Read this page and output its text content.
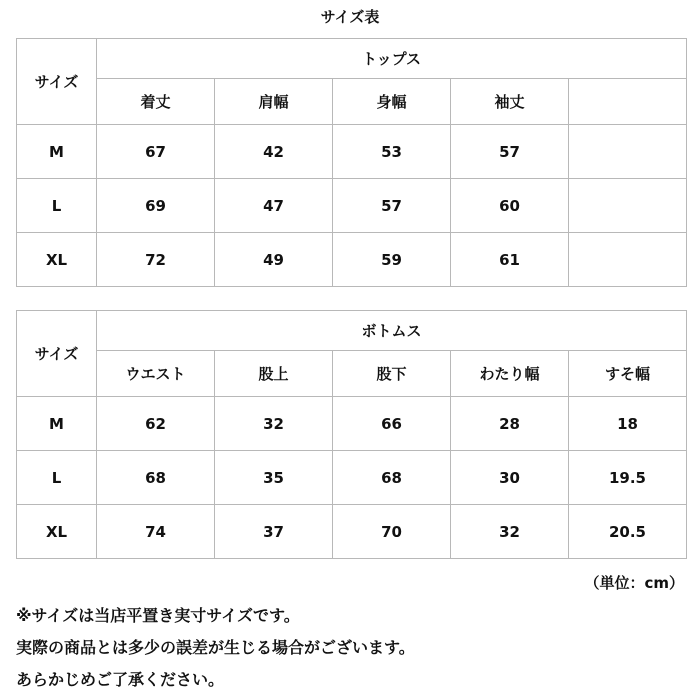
サイズ表
サイズ	トップス				
	着丈	肩幅	身幅	袖丈	
M	67	42	53	57	
L	69	47	57	60	
XL	72	49	59	61	
サイズ	ボトムス				
	ウエスト	股上	股下	わたり幅	すそ幅
M	62	32	66	28	18
L	68	35	68	30	19.5
XL	74	37	70	32	20.5
（単位：cm）
※サイズは当店平置き実寸サイズです。
実際の商品とは多少の誤差が生じる場合がございます。
あらかじめご了承ください。
